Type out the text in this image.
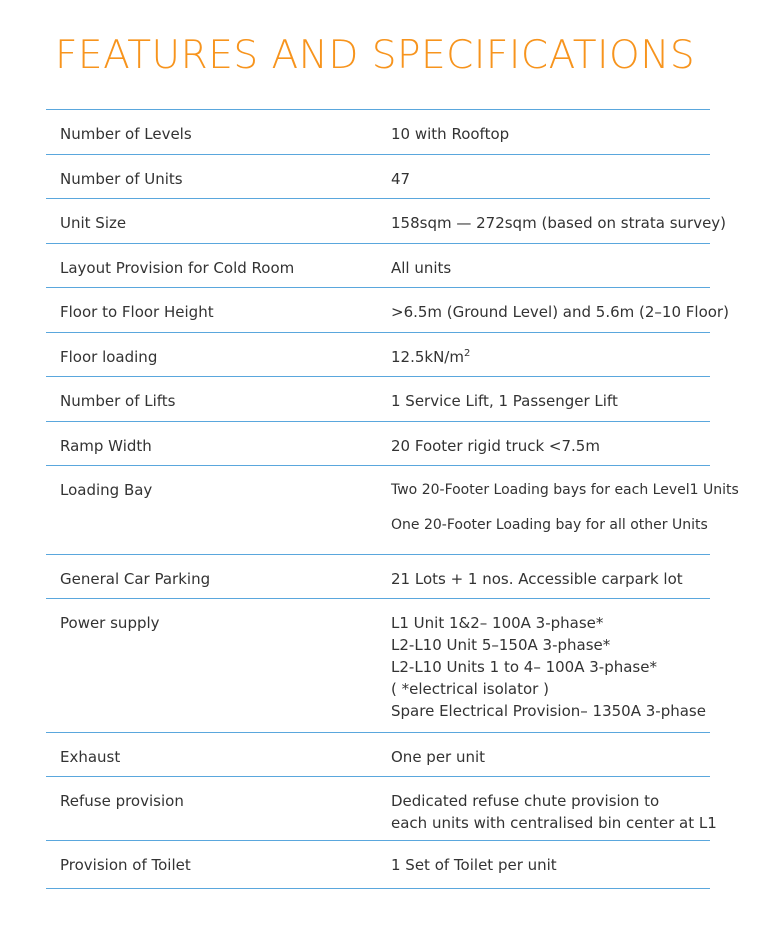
FEATURES AND SPECIFICATIONS
Number of Levels	10 with Rooftop
Number of Units	47
Unit Size	158sqm — 272sqm (based on strata survey)
Layout Provision for Cold Room	All units
Floor to Floor Height	>6.5m (Ground Level) and 5.6m (2–10 Floor)
Floor loading	$12.5kN/m^2$
Number of Lifts	1 Service Lift, 1 Passenger Lift
Ramp Width	20 Footer rigid truck <7.5m
Loading Bay	Two 20-Footer Loading bays for each Level1 Units
One 20-Footer Loading bay for all other Units
General Car Parking	21 Lots + 1 nos. Accessible carpark lot
Power supply	L1 Unit 1&2– 100A 3-phase*
L2-L10 Unit 5–150A 3-phase*
L2-L10 Units 1 to 4– 100A 3-phase*
( *electrical isolator )
Spare Electrical Provision– 1350A 3-phase
Exhaust	One per unit
Refuse provision	Dedicated refuse chute provision to
each units with centralised bin center at L1
Provision of Toilet	1 Set of Toilet per unit
